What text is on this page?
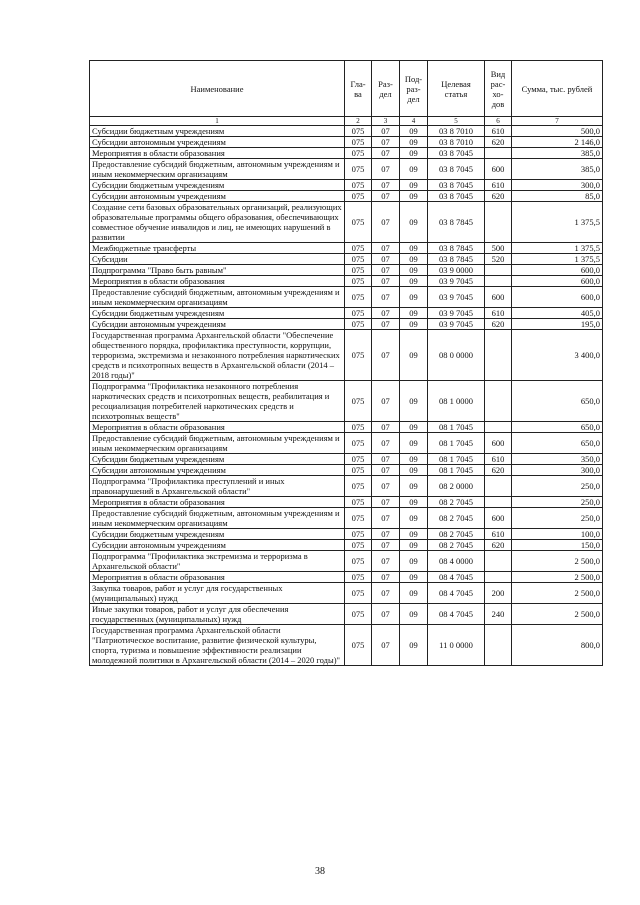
Наименование	Гла-ва	Раз-дел	Под-раз-дел	Целевая статья	Вид рас-хо-дов	Сумма, тыс. рублей
1	2	3	4	5	6	7
Субсидии бюджетным учреждениям	075	07	09	03 8 7010	610	500,0
Субсидии автономным учреждениям	075	07	09	03 8 7010	620	2 146,0
Мероприятия в области образования	075	07	09	03 8 7045		385,0
Предоставление субсидий бюджетным, автономным учреждениям и иным некоммерческим организациям	075	07	09	03 8 7045	600	385,0
Субсидии бюджетным учреждениям	075	07	09	03 8 7045	610	300,0
Субсидии автономным учреждениям	075	07	09	03 8 7045	620	85,0
Создание сети базовых образовательных организаций, реализующих образовательные программы общего образования, обеспечивающих совместное обучение инвалидов и лиц, не имеющих нарушений в развитии	075	07	09	03 8 7845		1 375,5
Межбюджетные трансферты	075	07	09	03 8 7845	500	1 375,5
Субсидии	075	07	09	03 8 7845	520	1 375,5
Подпрограмма "Право быть равным"	075	07	09	03 9 0000		600,0
Мероприятия в области образования	075	07	09	03 9 7045		600,0
Предоставление субсидий бюджетным, автономным учреждениям и иным некоммерческим организациям	075	07	09	03 9 7045	600	600,0
Субсидии бюджетным учреждениям	075	07	09	03 9 7045	610	405,0
Субсидии автономным учреждениям	075	07	09	03 9 7045	620	195,0
Государственная программа Архангельской области "Обеспечение общественного порядка, профилактика преступности, коррупции, терроризма, экстремизма и незаконного потребления наркотических средств и психотропных веществ в Архангельской области (2014 – 2018 годы)"	075	07	09	08 0 0000		3 400,0
Подпрограмма "Профилактика незаконного потребления наркотических средств и психотропных веществ, реабилитация и ресоциализация потребителей наркотических средств и психотропных веществ"	075	07	09	08 1 0000		650,0
Мероприятия в области образования	075	07	09	08 1 7045		650,0
Предоставление субсидий бюджетным, автономным учреждениям и иным некоммерческим организациям	075	07	09	08 1 7045	600	650,0
Субсидии бюджетным учреждениям	075	07	09	08 1 7045	610	350,0
Субсидии автономным учреждениям	075	07	09	08 1 7045	620	300,0
Подпрограмма "Профилактика преступлений и иных правонарушений в Архангельской области"	075	07	09	08 2 0000		250,0
Мероприятия в области образования	075	07	09	08 2 7045		250,0
Предоставление субсидий бюджетным, автономным учреждениям и иным некоммерческим организациям	075	07	09	08 2 7045	600	250,0
Субсидии бюджетным учреждениям	075	07	09	08 2 7045	610	100,0
Субсидии автономным учреждениям	075	07	09	08 2 7045	620	150,0
Подпрограмма "Профилактика экстремизма и терроризма в Архангельской области"	075	07	09	08 4 0000		2 500,0
Мероприятия в области образования	075	07	09	08 4 7045		2 500,0
Закупка товаров, работ и услуг для государственных (муниципальных) нужд	075	07	09	08 4 7045	200	2 500,0
Иные закупки товаров, работ и услуг для обеспечения государственных (муниципальных) нужд	075	07	09	08 4 7045	240	2 500,0
Государственная программа Архангельской области "Патриотическое воспитание, развитие физической культуры, спорта, туризма и повышение эффективности реализации молодежной политики в Архангельской области (2014 – 2020 годы)"	075	07	09	11 0 0000		800,0
38
